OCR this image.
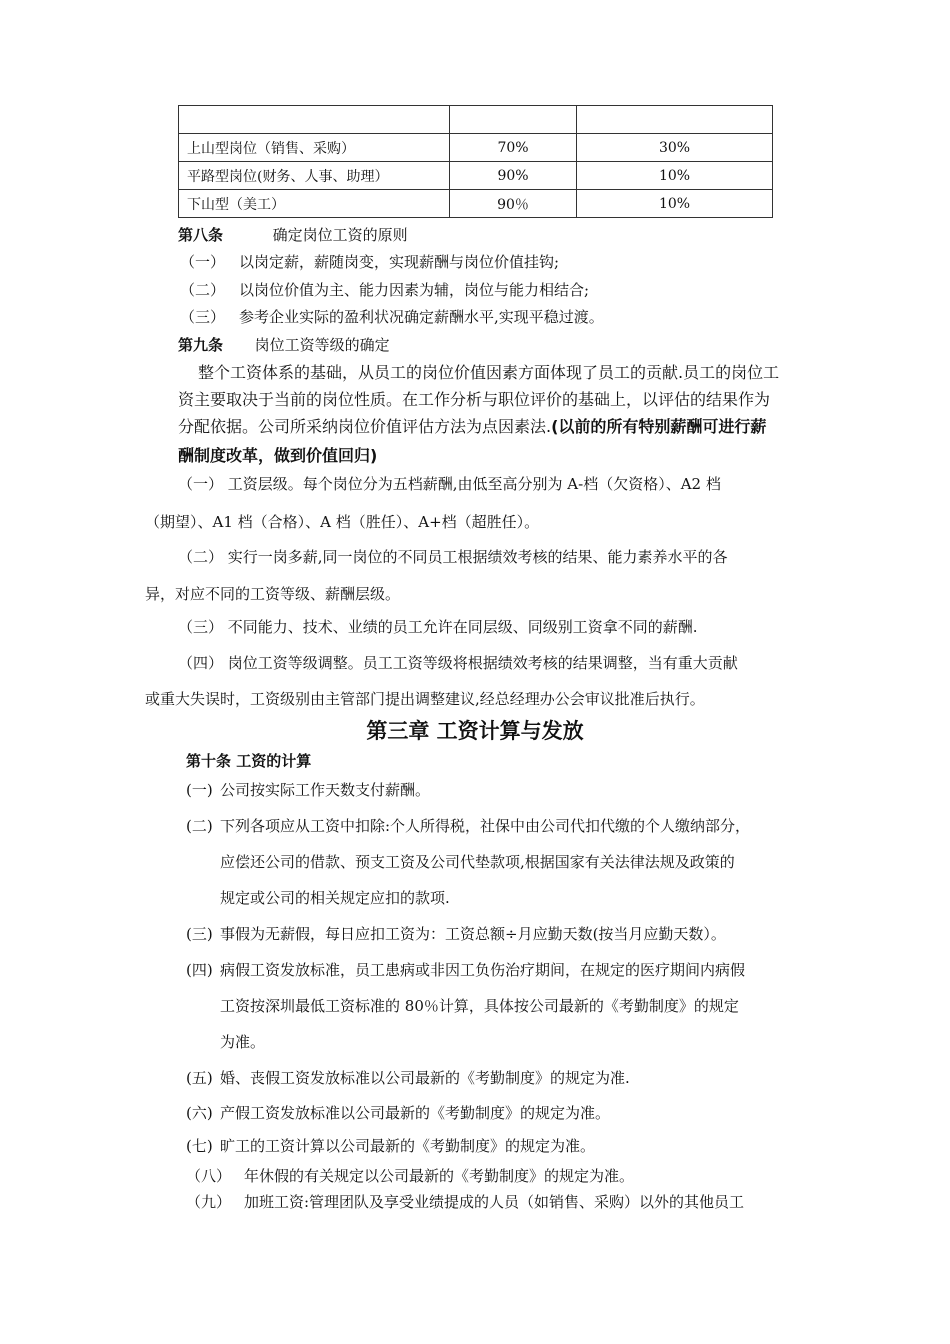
上山型岗位（销售、采购）	70%	30%
平路型岗位(财务、人事、助理）	90%	10%
下山型（美工）	90％	10%
第八条	确定岗位工资的原则
（一） 以岗定薪，薪随岗变，实现薪酬与岗位价值挂钩;
（二） 以岗位价值为主、能力因素为辅，岗位与能力相结合;
（三） 参考企业实际的盈利状况确定薪酬水平,实现平稳过渡。
第九条 岗位工资等级的确定
整个工资体系的基础，从员工的岗位价值因素方面体现了员工的贡献.员工的岗位工
资主要取决于当前的岗位性质。在工作分析与职位评价的基础上，以评估的结果作为
分配依据。公司所采纳岗位价值评估方法为点因素法.(以前的所有特别薪酬可进行薪
酬制度改革，做到价值回归)
（一） 工资层级。每个岗位分为五档薪酬,由低至高分别为 A-档（欠资格）、A2 档
（期望）、A1 档（合格）、A 档（胜任）、A+档（超胜任）。
（二） 实行一岗多薪,同一岗位的不同员工根据绩效考核的结果、能力素养水平的各
异，对应不同的工资等级、薪酬层级。
（三） 不同能力、技术、业绩的员工允许在同层级、同级别工资拿不同的薪酬.
（四） 岗位工资等级调整。员工工资等级将根据绩效考核的结果调整，当有重大贡献
或重大失误时，工资级别由主管部门提出调整建议,经总经理办公会审议批准后执行。
第三章 工资计算与发放
第十条 工资的计算
(一) 公司按实际工作天数支付薪酬。
(二) 下列各项应从工资中扣除:个人所得税，社保中由公司代扣代缴的个人缴纳部分，
应偿还公司的借款、预支工资及公司代垫款项,根据国家有关法律法规及政策的
规定或公司的相关规定应扣的款项.
(三) 事假为无薪假，每日应扣工资为：工资总额÷月应勤天数(按当月应勤天数）。
(四) 病假工资发放标准，员工患病或非因工负伤治疗期间，在规定的医疗期间内病假
工资按深圳最低工资标准的 80％计算，具体按公司最新的《考勤制度》的规定
为准。
(五) 婚、丧假工资发放标准以公司最新的《考勤制度》的规定为准.
(六) 产假工资发放标准以公司最新的《考勤制度》的规定为准。
(七) 旷工的工资计算以公司最新的《考勤制度》的规定为准。
（八） 年休假的有关规定以公司最新的《考勤制度》的规定为准。
（九） 加班工资:管理团队及享受业绩提成的人员（如销售、采购）以外的其他员工
